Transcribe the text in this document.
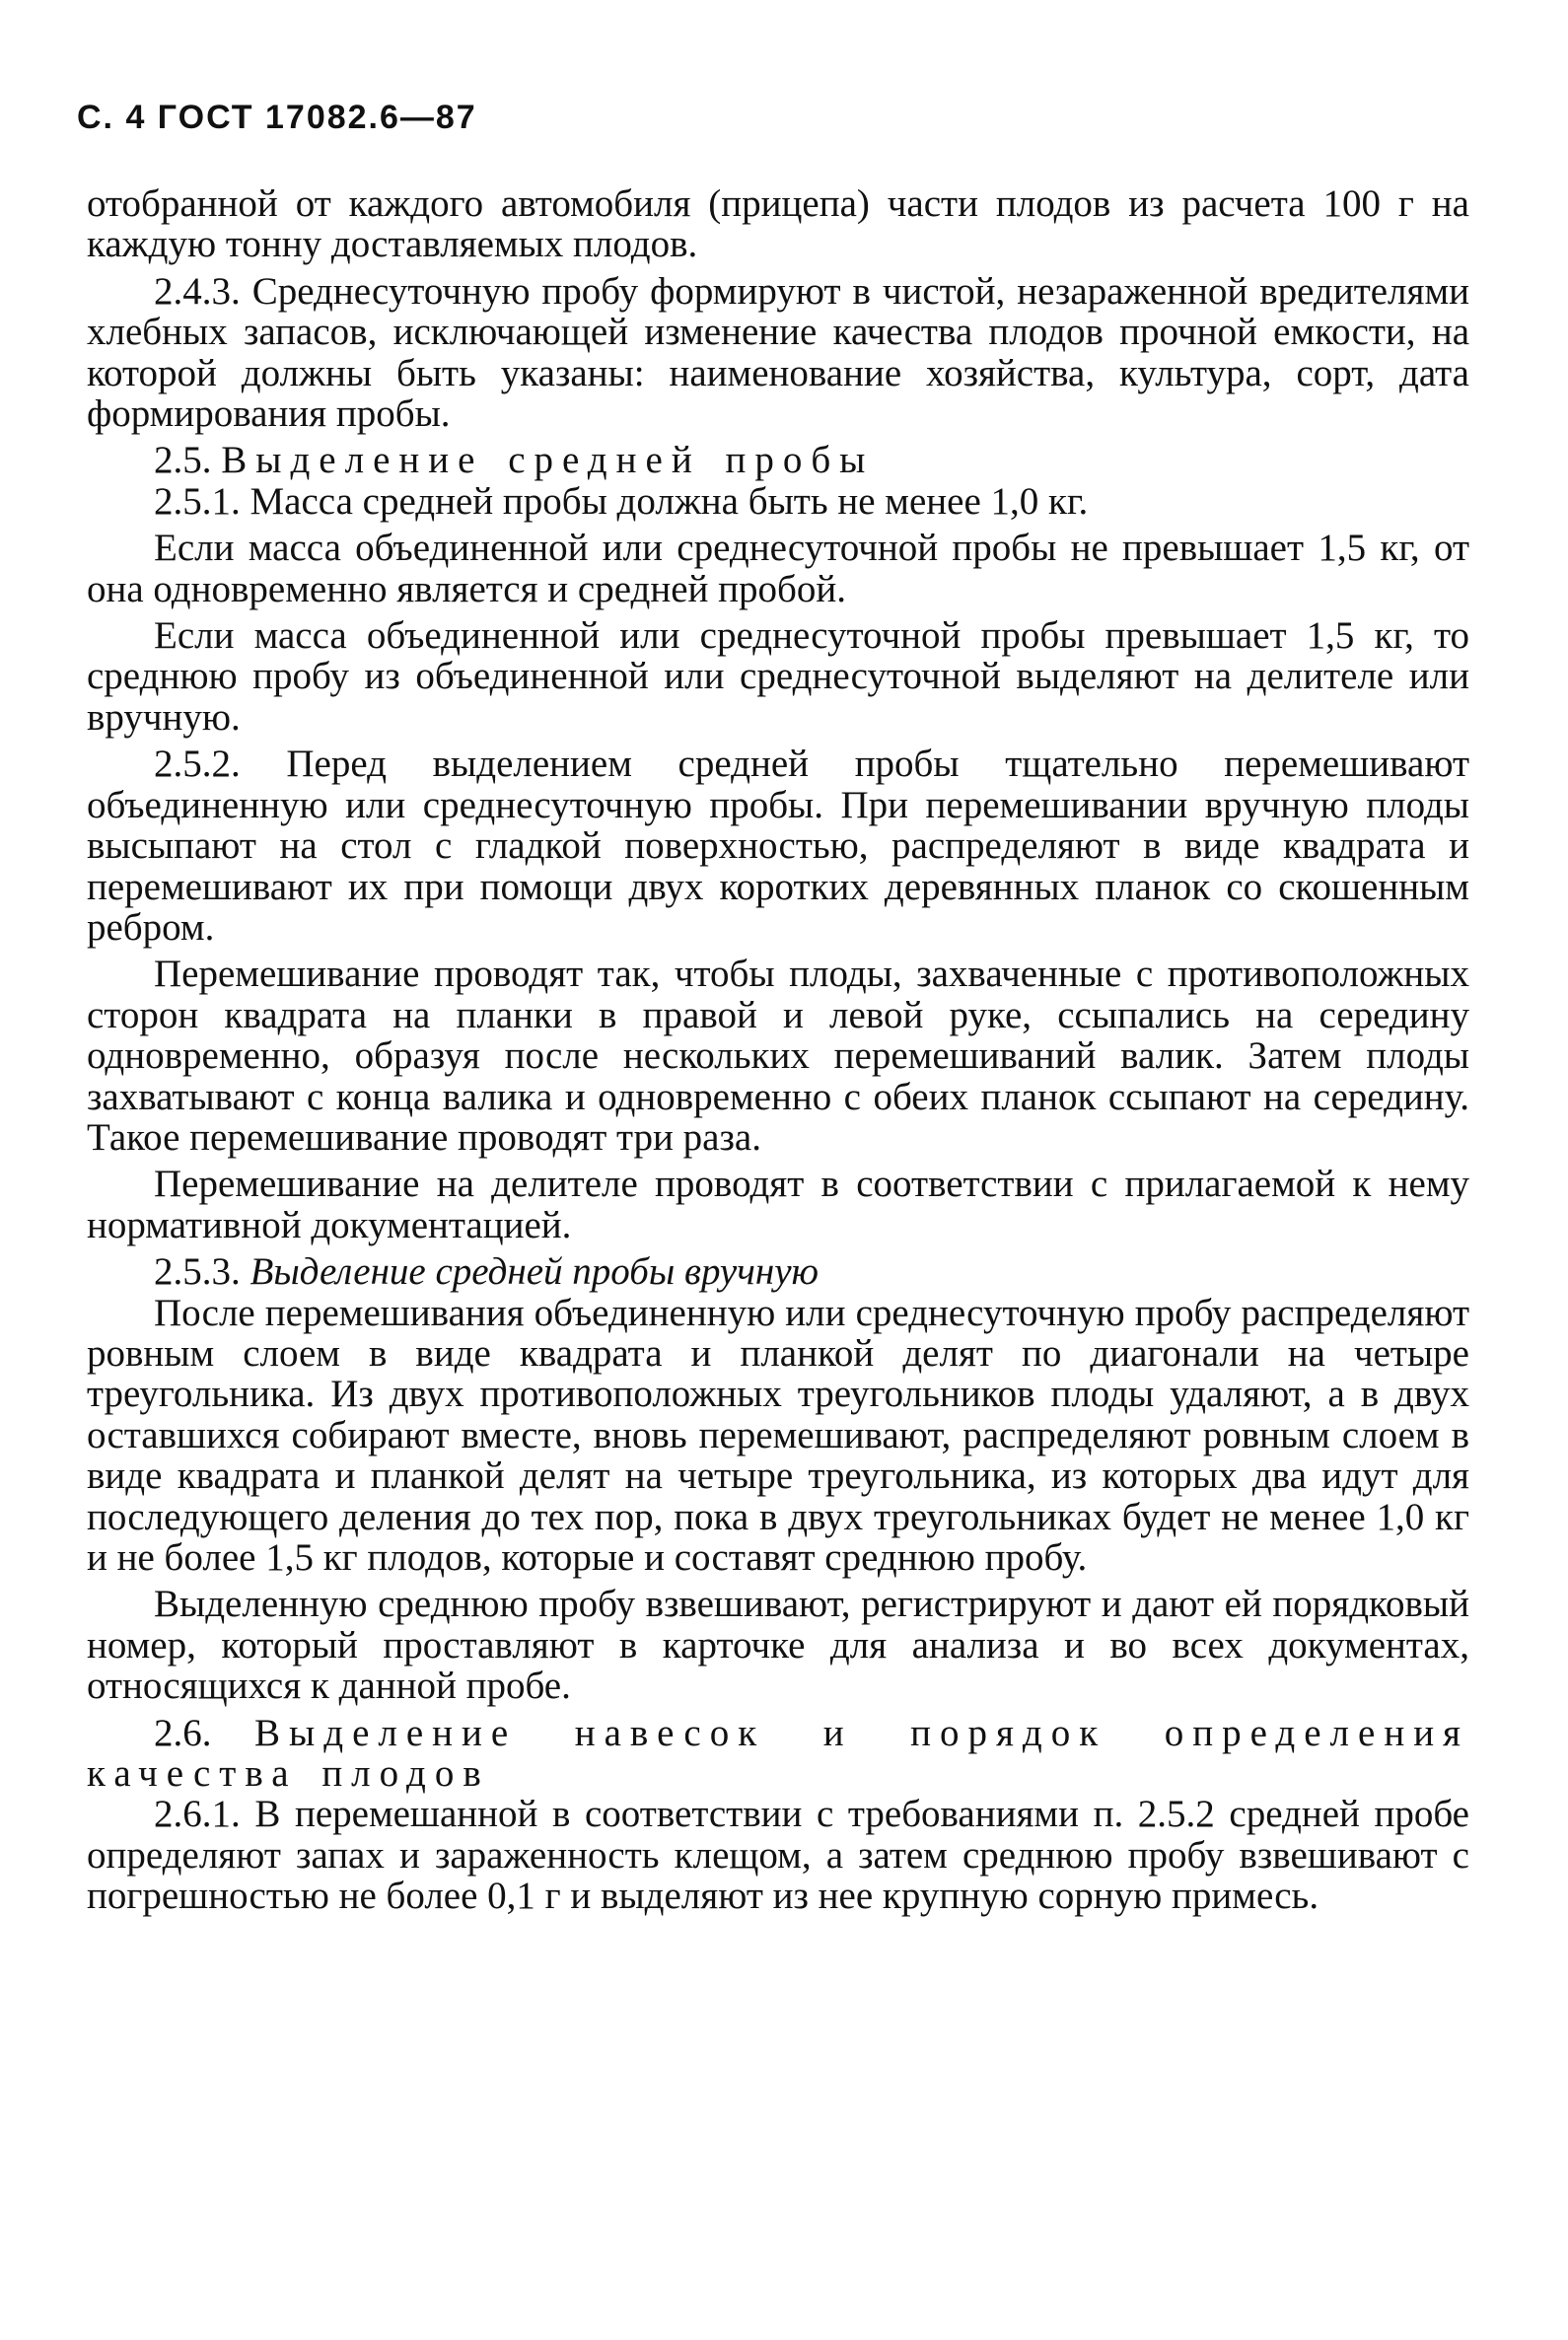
С. 4 ГОСТ 17082.6—87

отобранной от каждого автомобиля (прицепа) части плодов из расчета 100 г на каждую тонну доставляемых плодов.

2.4.3. Среднесуточную пробу формируют в чистой, незараженной вредителями хлебных запасов, исключающей изменение качества плодов прочной емкости, на которой должны быть указаны: наименование хозяйства, культура, сорт, дата формирования пробы.

2.5. Выделение средней пробы

2.5.1. Масса средней пробы должна быть не менее 1,0 кг.

Если масса объединенной или среднесуточной пробы не превышает 1,5 кг, от она одновременно является и средней пробой.

Если масса объединенной или среднесуточной пробы превышает 1,5 кг, то среднюю пробу из объединенной или среднесуточной выделяют на делителе или вручную.

2.5.2. Перед выделением средней пробы тщательно перемешивают объединенную или среднесуточную пробы. При перемешивании вручную плоды высыпают на стол с гладкой поверхностью, распределяют в виде квадрата и перемешивают их при помощи двух коротких деревянных планок со скошенным ребром.

Перемешивание проводят так, чтобы плоды, захваченные с противоположных сторон квадрата на планки в правой и левой руке, ссыпались на середину одновременно, образуя после нескольких перемешиваний валик. Затем плоды захватывают с конца валика и одновременно с обеих планок ссыпают на середину. Такое перемешивание проводят три раза.

Перемешивание на делителе проводят в соответствии с прилагаемой к нему нормативной документацией.

2.5.3. Выделение средней пробы вручную

После перемешивания объединенную или среднесуточную пробу распределяют ровным слоем в виде квадрата и планкой делят по диагонали на четыре треугольника. Из двух противоположных треугольников плоды удаляют, а в двух оставшихся собирают вместе, вновь перемешивают, распределяют ровным слоем в виде квадрата и планкой делят на четыре треугольника, из которых два идут для последующего деления до тех пор, пока в двух треугольниках будет не менее 1,0 кг и не более 1,5 кг плодов, которые и составят среднюю пробу.

Выделенную среднюю пробу взвешивают, регистрируют и дают ей порядковый номер, который проставляют в карточке для анализа и во всех документах, относящихся к данной пробе.

2.6. Выделение навесок и порядок определения качества плодов

2.6.1. В перемешанной в соответствии с требованиями п. 2.5.2 средней пробе определяют запах и зараженность клещом, а затем среднюю пробу взвешивают с погрешностью не более 0,1 г и выделяют из нее крупную сорную примесь.
